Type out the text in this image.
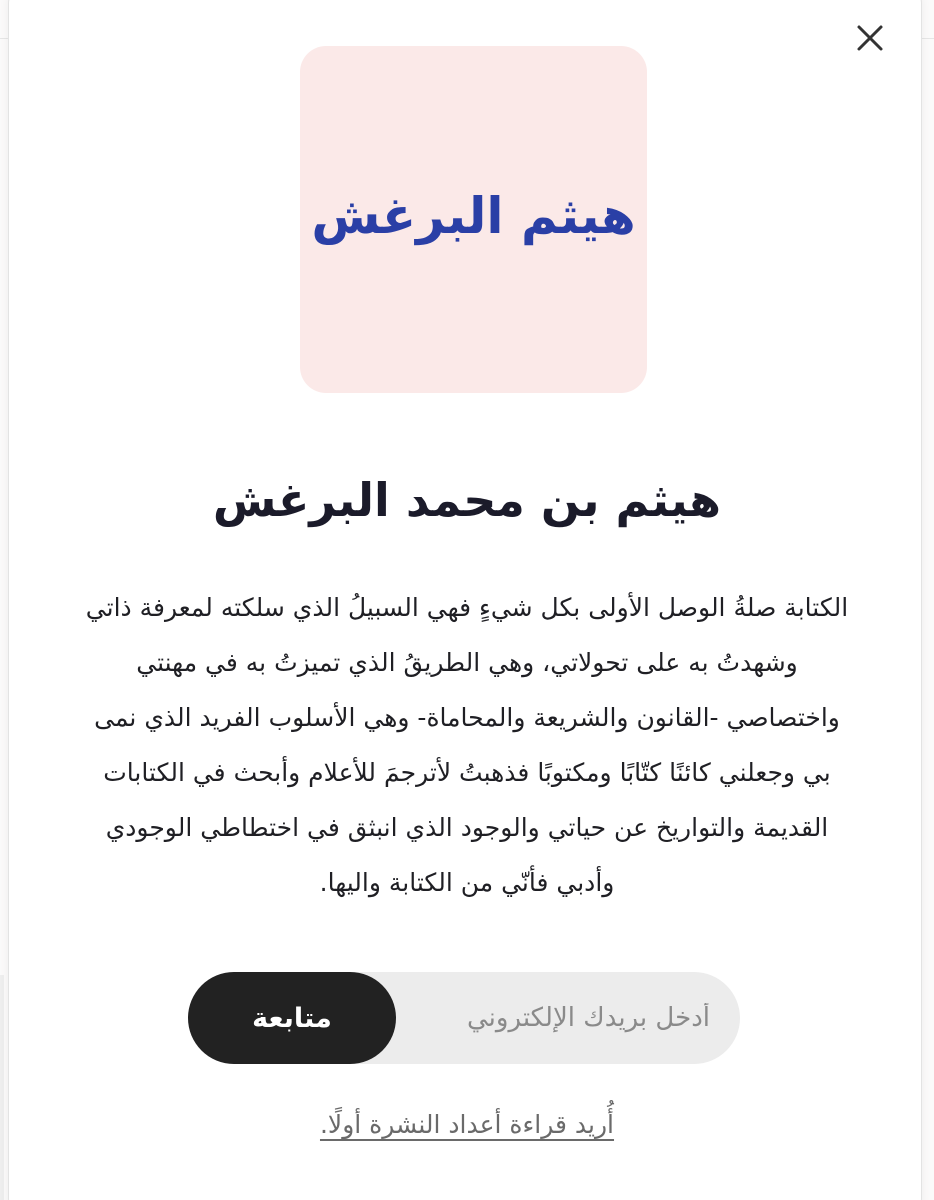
هيثم البرغش
هيثم بن محمد البرغش
الكتابة صلةُ الوصل الأولى بكل شيءٍ فهي السبيلُ الذي سلكته لمعرفة ذاتي وشهدتُ به على تحولاتي، وهي الطريقُ الذي تميزتُ به في مهنتي واختصاصي -القانون والشريعة والمحاماة- وهي الأسلوب الفريد الذي نمى بي وجعلني كائنًا كتّابًا ومكتوبًا فذهبتُ لأترجمَ للأعلام وأبحث في الكتابات القديمة والتواريخ عن حياتي والوجود الذي انبثق في اختطاطي الوجودي وأدبي فأنّي من الكتابة واليها.
أدخل بريدك الإلكتروني
متابعة
أُريد قراءة أعداد النشرة أولًا.
